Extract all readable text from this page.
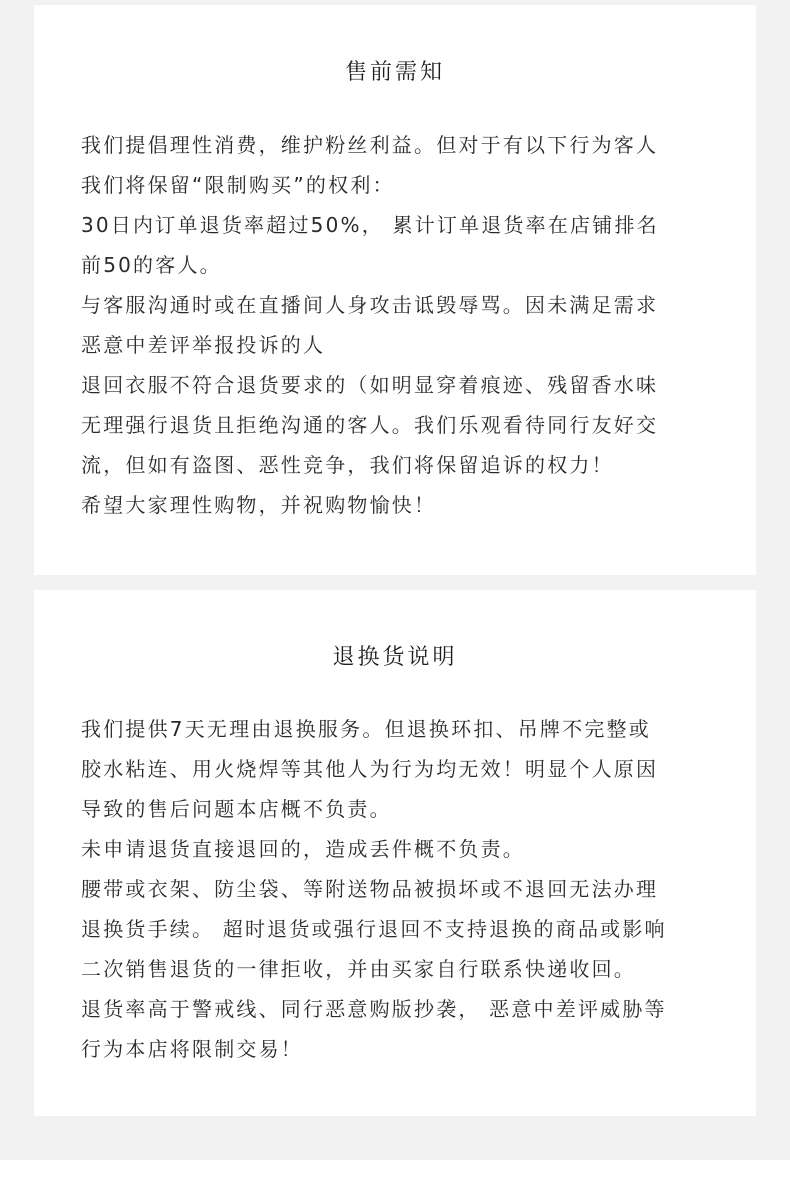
售前需知
我们提倡理性消费，维护粉丝利益。但对于有以下行为客人
我们将保留“限制购买”的权利：
30日内订单退货率超过50%， 累计订单退货率在店铺排名
前50的客人。
与客服沟通时或在直播间人身攻击诋毁辱骂。因未满足需求
恶意中差评举报投诉的人
退回衣服不符合退货要求的（如明显穿着痕迹、残留香水味
无理强行退货且拒绝沟通的客人。我们乐观看待同行友好交
流，但如有盗图、恶性竞争，我们将保留追诉的权力！
希望大家理性购物，并祝购物愉快！
退换货说明
我们提供7天无理由退换服务。但退换环扣、吊牌不完整或
胶水粘连、用火烧焊等其他人为行为均无效！明显个人原因
导致的售后问题本店概不负责。
未申请退货直接退回的，造成丢件概不负责。
腰带或衣架、防尘袋、等附送物品被损坏或不退回无法办理
退换货手续。 超时退货或强行退回不支持退换的商品或影响
二次销售退货的一律拒收，并由买家自行联系快递收回。
退货率高于警戒线、同行恶意购版抄袭， 恶意中差评威胁等
行为本店将限制交易！
